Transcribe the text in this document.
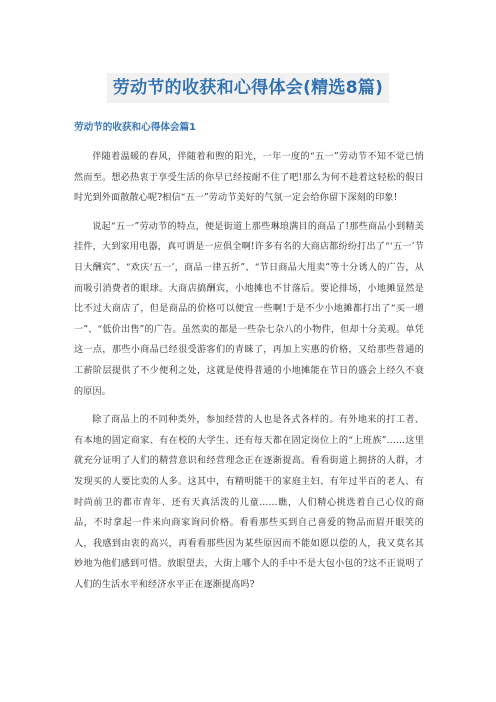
劳动节的收获和心得体会(精选8篇)
劳动节的收获和心得体会篇1

伴随着温暖的春风，伴随着和煦的阳光，一年一度的“五一”劳动节不知不觉已悄然而至。想必热衷于享受生活的你早已经按耐不住了吧!那么为何不趁着这轻松的假日时光到外面散散心呢?相信“五一”劳动节美好的气氛一定会给你留下深刻的印象!

说起“五一”劳动节的特点，便是街道上那些琳琅满目的商品了!那些商品小到精美挂件，大到家用电器，真可谓是一应俱全啊!许多有名的大商店都纷纷打出了“‘五一’节日大酬宾”、“欢庆‘五一’，商品一律五折”、“节日商品大甩卖”等十分诱人的广告，从而吸引消费者的眼球。大商店搞酬宾，小地摊也不甘落后。要论排场，小地摊显然是比不过大商店了，但是商品的价格可以便宜一些啊!于是不少小地摊都打出了“买一增一”、“低价出售”的广告。虽然卖的都是一些杂七杂八的小物件，但却十分美观。单凭这一点，那些小商品已经很受游客们的青睐了，再加上实惠的价格，又给那些普通的工薪阶层提供了不少便利之处，这就是使得普通的小地摊能在节日的盛会上经久不衰的原因。

除了商品上的不同种类外，参加经营的人也是各式各样的。有外地来的打工者、有本地的固定商家、有在校的大学生、还有每天都在固定岗位上的“上班族”……这里就充分证明了人们的精营意识和经营理念正在逐渐提高。看看街道上拥挤的人群，才发现买的人要比卖的人多。这其中，有精明能干的家庭主妇、有年过半百的老人、有时尚前卫的都市青年、还有天真活泼的儿童……瞧，人们精心挑选着自己心仪的商品，不时拿起一件来向商家询问价格。看看那些买到自己喜爱的物品而眉开眼笑的人，我感到由衷的高兴，再看看那些因为某些原因而不能如愿以偿的人，我又莫名其妙地为他们感到可惜。放眼望去，大街上哪个人的手中不是大包小包的?这不正说明了人们的生活水平和经济水平正在逐渐提高吗?
